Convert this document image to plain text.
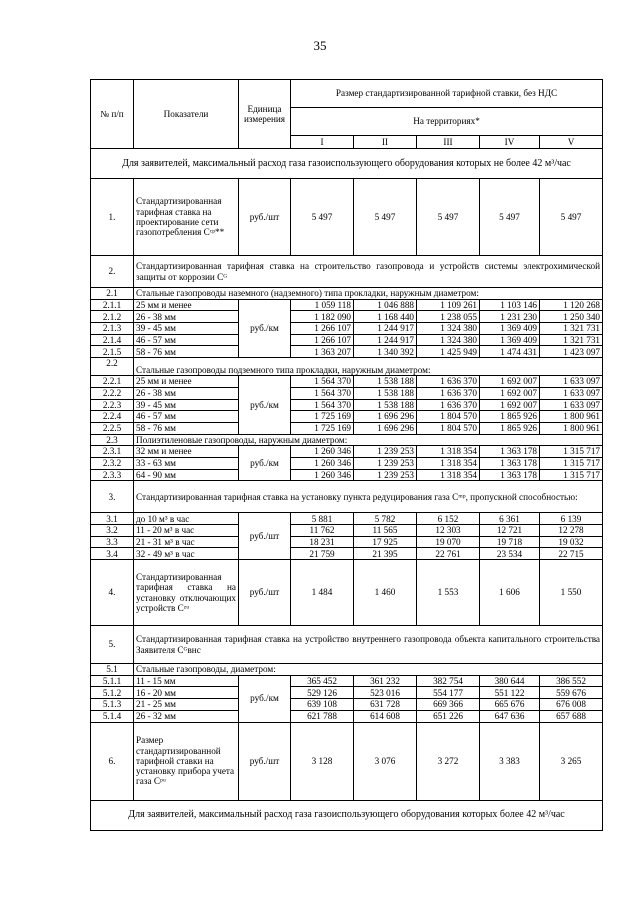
35
№ п/п	Показатели	Единица измерения	Размер стандартизированной тарифной ставки, без НДС				
			На территориях*				
			I	II	III	IV	V
Для заявителей, максимальный расход газа газоиспользующего оборудования которых не более 42 м³/час							
1.	Стандартизированная тарифная ставка на проектирование сети газопотребления Сᶜᵖ**	руб./шт	5 497	5 497	5 497	5 497	5 497
2.	Стандартизированная тарифная ставка на строительство газопровода и устройств системы электрохимической защиты от коррозии Сᴳ						
2.1	Стальные газопроводы наземного (надземного) типа прокладки, наружным диаметром:						
2.1.1	25 мм и менее	руб./км	1 059 118	1 046 888	1 109 261	1 103 146	1 120 268
2.1.2	26 - 38 мм		1 182 090	1 168 440	1 238 055	1 231 230	1 250 340
2.1.3	39 - 45 мм		1 266 107	1 244 917	1 324 380	1 369 409	1 321 731
2.1.4	46 - 57 мм		1 266 107	1 244 917	1 324 380	1 369 409	1 321 731
2.1.5	58 - 76 мм		1 363 207	1 340 392	1 425 949	1 474 431	1 423 097
2.2	Стальные газопроводы подземного типа прокладки, наружным диаметром:						
2.2.1	25 мм и менее	руб./км	1 564 370	1 538 188	1 636 370	1 692 007	1 633 097
2.2.2	26 - 38 мм		1 564 370	1 538 188	1 636 370	1 692 007	1 633 097
2.2.3	39 - 45 мм		1 564 370	1 538 188	1 636 370	1 692 007	1 633 097
2.2.4	46 - 57 мм		1 725 169	1 696 296	1 804 570	1 865 926	1 800 961
2.2.5	58 - 76 мм		1 725 169	1 696 296	1 804 570	1 865 926	1 800 961
2.3	Полиэтиленовые газопроводы, наружным диаметром:						
2.3.1	32 мм и менее	руб./км	1 260 346	1 239 253	1 318 354	1 363 178	1 315 717
2.3.2	33 - 63 мм		1 260 346	1 239 253	1 318 354	1 363 178	1 315 717
2.3.3	64 - 90 мм		1 260 346	1 239 253	1 318 354	1 363 178	1 315 717
3.	Стандартизированная тарифная ставка на установку пункта редуцирования газа Сᵐᵖ, пропускной способностью:						
3.1	до 10 м³ в час	руб./шт	5 881	5 782	6 152	6 361	6 139
3.2	11 - 20 м³ в час		11 762	11 565	12 303	12 721	12 278
3.3	21 - 31 м³ в час		18 231	17 925	19 070	19 718	19 032
3.4	32 - 49 м³ в час		21 759	21 395	22 761	23 534	22 715
4.	Стандартизированная тарифная ставка на установку отключающих устройств Сᶻᵘ	руб./шт	1 484	1 460	1 553	1 606	1 550
5.	Стандартизированная тарифная ставка на устройство внутреннего газопровода объекта капитального строительства Заявителя Сᴳвнс						
5.1	Стальные газопроводы, диаметром:						
5.1.1	11 - 15 мм	руб./км	365 452	361 232	382 754	380 644	386 552
5.1.2	16 - 20 мм		529 126	523 016	554 177	551 122	559 676
5.1.3	21 - 25 мм		639 108	631 728	669 366	665 676	676 008
5.1.4	26 - 32 мм		621 788	614 608	651 226	647 636	657 688
6.	Размер стандартизированной тарифной ставки на установку прибора учета газа Сᵖᵘ	руб./шт	3 128	3 076	3 272	3 383	3 265
Для заявителей, максимальный расход газа газоиспользующего оборудования которых более 42 м³/час							
